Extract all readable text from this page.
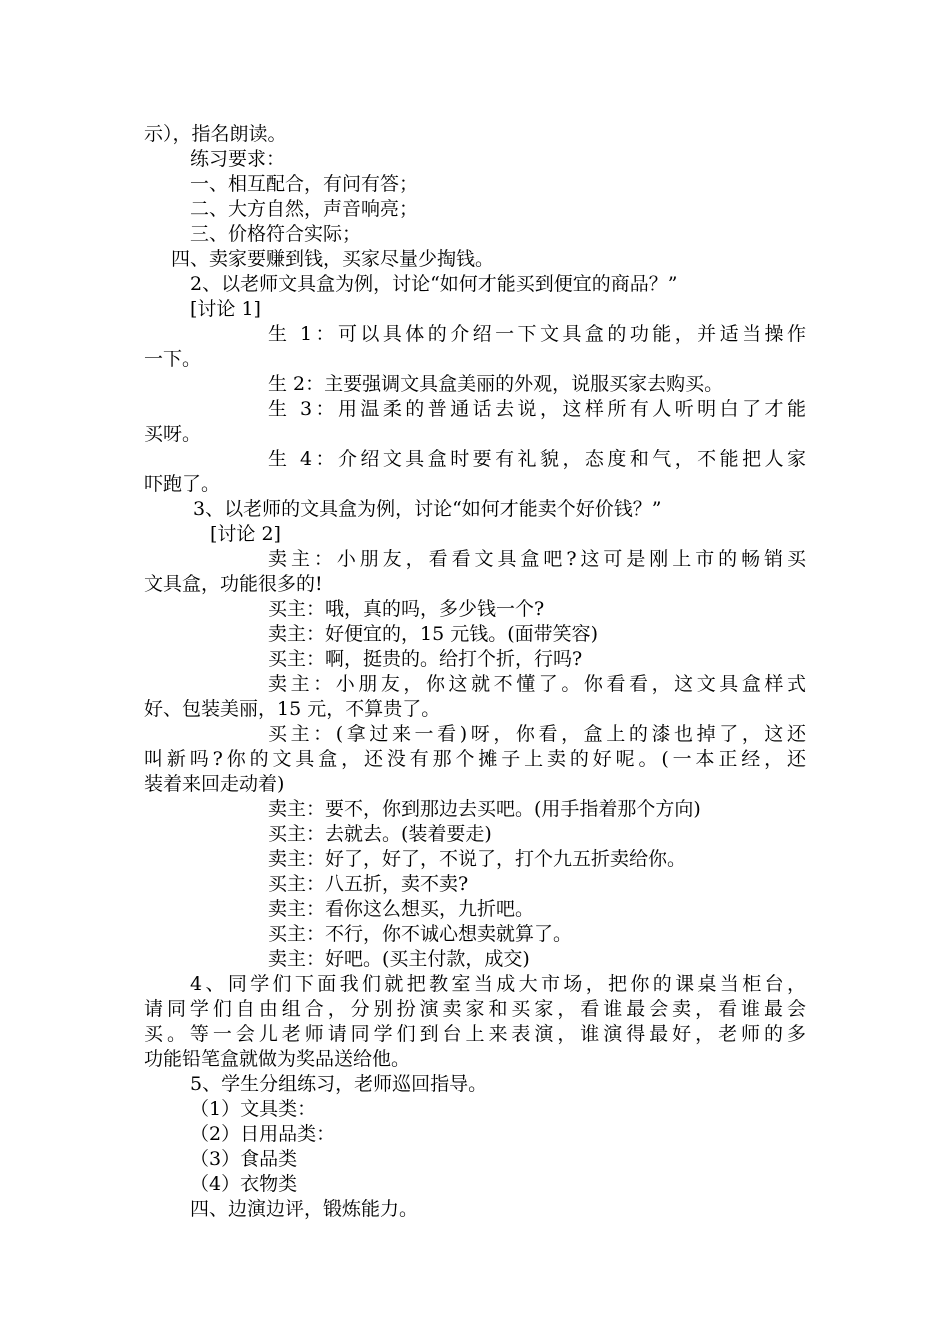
示），指名朗读。
练习要求：
一、相互配合，有问有答；
二、大方自然，声音响亮；
三、价格符合实际；
四、卖家要赚到钱，买家尽量少掏钱。
2、以老师文具盒为例，讨论“如何才能买到便宜的商品？”
[讨论 1]
生 1：可以具体的介绍一下文具盒的功能，并适当操作
一下。
生 2：主要强调文具盒美丽的外观，说服买家去购买。
生 3：用温柔的普通话去说，这样所有人听明白了才能
买呀。
生 4：介绍文具盒时要有礼貌，态度和气，不能把人家
吓跑了。
3、以老师的文具盒为例，讨论“如何才能卖个好价钱？”
[讨论 2]
卖主：小朋友，看看文具盒吧?这可是刚上市的畅销买
文具盒，功能很多的!
买主：哦，真的吗，多少钱一个?
卖主：好便宜的，15 元钱。(面带笑容)
买主：啊，挺贵的。给打个折，行吗?
卖主：小朋友，你这就不懂了。你看看，这文具盒样式
好、包装美丽，15 元，不算贵了。
买主：(拿过来一看)呀，你看，盒上的漆也掉了，这还
叫新吗?你的文具盒，还没有那个摊子上卖的好呢。(一本正经，还
装着来回走动着)
卖主：要不，你到那边去买吧。(用手指着那个方向)
买主：去就去。(装着要走)
卖主：好了，好了，不说了，打个九五折卖给你。
买主：八五折，卖不卖?
卖主：看你这么想买，九折吧。
买主：不行，你不诚心想卖就算了。
卖主：好吧。(买主付款，成交)
4、同学们下面我们就把教室当成大市场，把你的课桌当柜台，
请同学们自由组合，分别扮演卖家和买家，看谁最会卖，看谁最会
买。等一会儿老师请同学们到台上来表演，谁演得最好，老师的多
功能铅笔盒就做为奖品送给他。
5、学生分组练习，老师巡回指导。
（1）文具类：
（2）日用品类：
（3）食品类
（4）衣物类
四、边演边评，锻炼能力。
